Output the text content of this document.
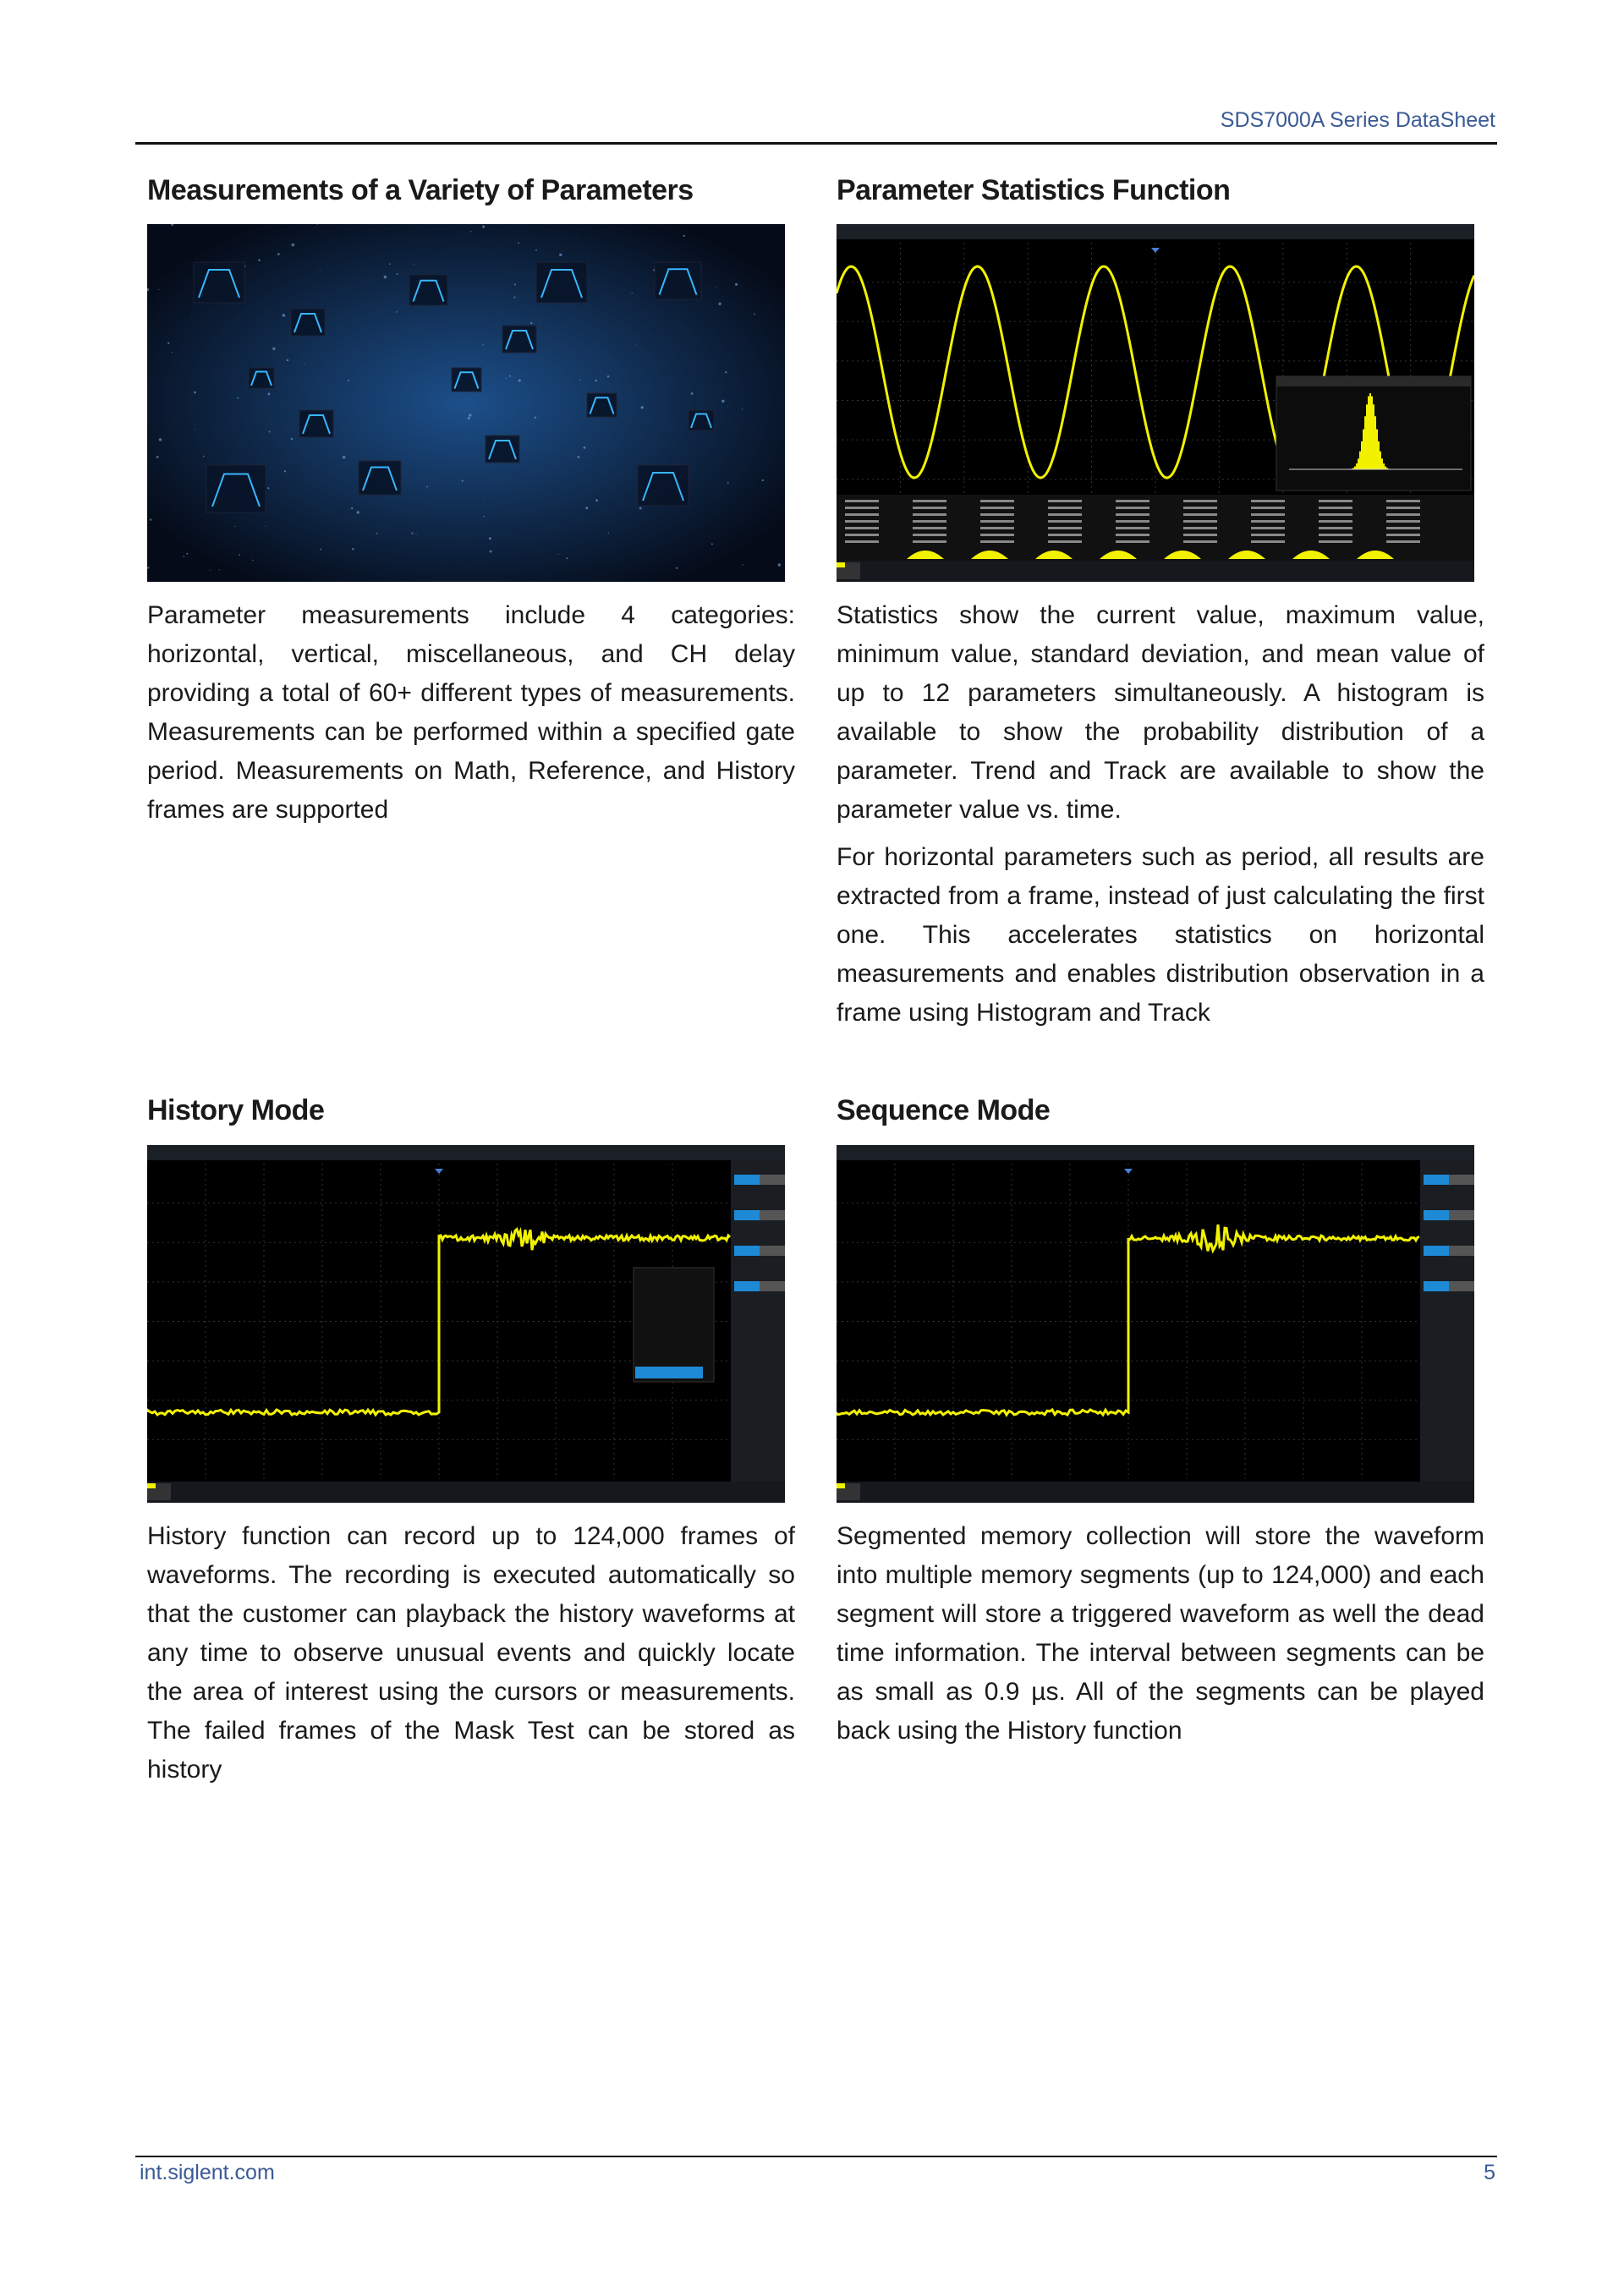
SDS7000A Series DataSheet
Measurements of a Variety of Parameters

Parameter measurements include 4 categories: horizontal, vertical, miscellaneous, and CH delay providing a total of 60+ different types of measurements. Measurements can be performed within a specified gate period. Measurements on Math, Reference, and History frames are supported

Parameter Statistics Function

Statistics show the current value, maximum value, minimum value, standard deviation, and mean value of up to 12 parameters simultaneously. A histogram is available to show the probability distribution of a parameter. Trend and Track are available to show the parameter value vs. time.

For horizontal parameters such as period, all results are extracted from a frame, instead of just calculating the first one. This accelerates statistics on horizontal measurements and enables distribution observation in a frame using Histogram and Track

History Mode

History function can record up to 124,000 frames of waveforms. The recording is executed automatically so that the customer can playback the history waveforms at any time to observe unusual events and quickly locate the area of interest using the cursors or measurements. The failed frames of the Mask Test can be stored as history

Sequence Mode

Segmented memory collection will store the waveform into multiple memory segments (up to 124,000) and each segment will store a triggered waveform as well the dead time information. The interval between segments can be as small as 0.9 µs. All of the segments can be played back using the History function

int.siglent.com	5
